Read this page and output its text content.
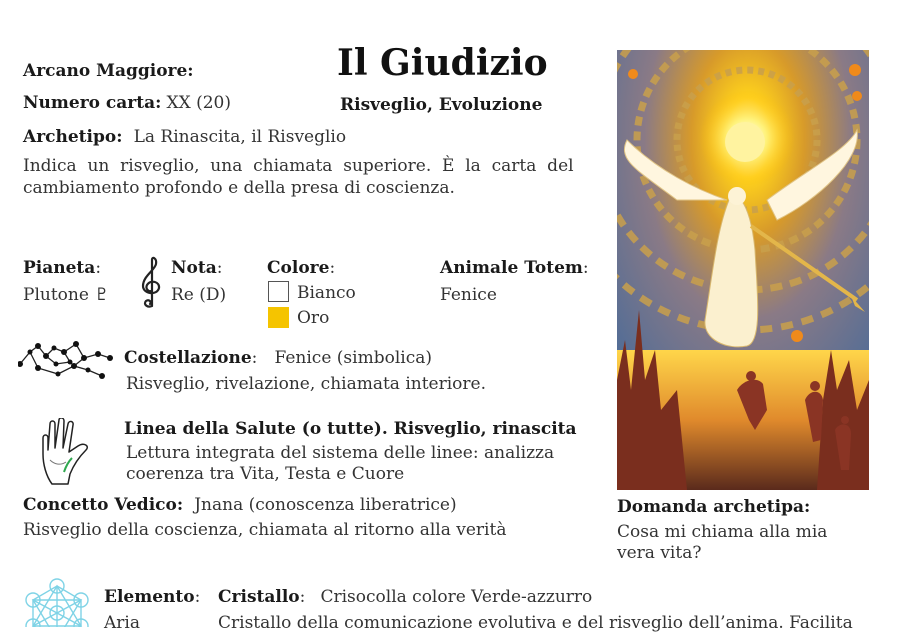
Arcano Maggiore:	Il Giudizio
Numero carta: XX (20)	Risveglio, Evoluzione
Archetipo: La Rinascita, il Risveglio
Indica  un  risveglio,  una  chiamata  superiore.  È  la  carta  del
cambiamento profondo e della presa di coscienza.
Pianeta:
Plutone ♇
Nota:
Re (D)
Colore:
Bianco
Oro
Animale Totem:
Fenice
Costellazione: Fenice (simbolica)
Risveglio, rivelazione, chiamata interiore.
Linea della Salute (o tutte). Risveglio, rinascita
Lettura integrata del sistema delle linee: analizza
coerenza tra Vita, Testa e Cuore
Concetto Vedico: Jnana (conoscenza liberatrice)
Risveglio della coscienza, chiamata al ritorno alla verità
Domanda archetipa:
Cosa mi chiama alla mia
vera vita?
Elemento:
Aria
Cristallo: Crisocolla colore Verde-azzurro
Cristallo della comunicazione evolutiva e del risveglio dell’anima. Facilita
